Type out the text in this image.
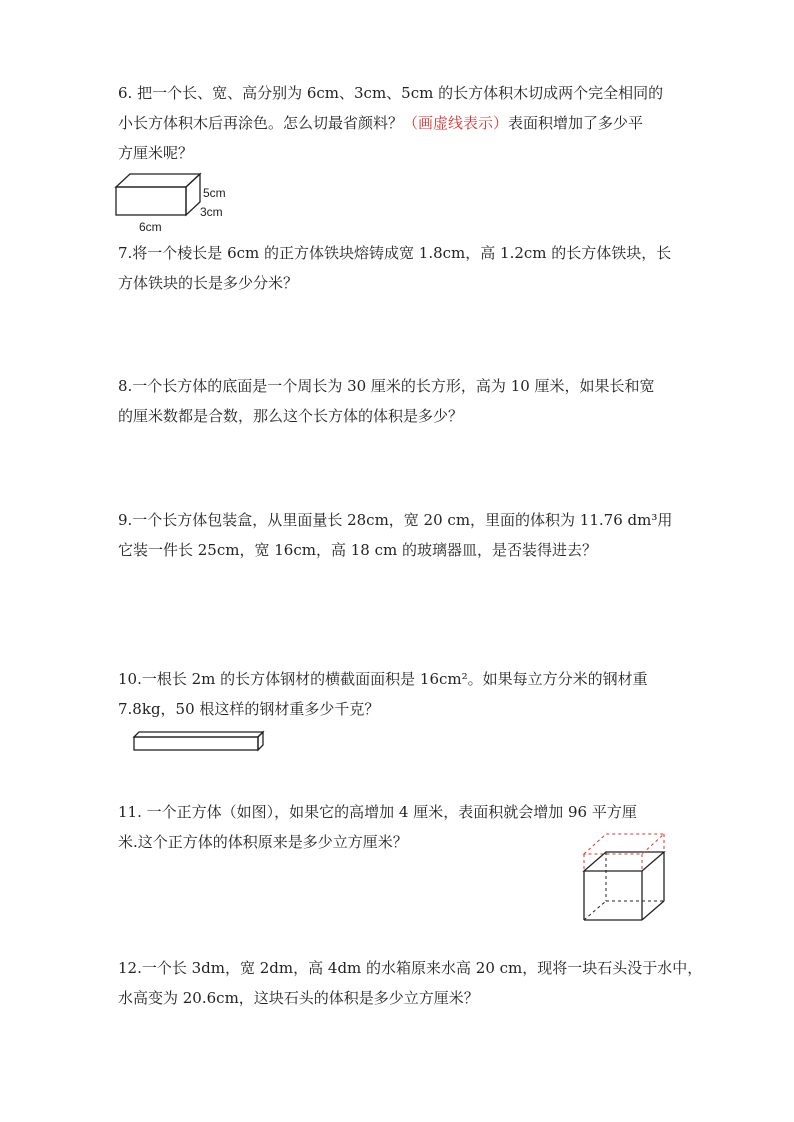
6. 把一个长、宽、高分别为 6cm、3cm、5cm 的长方体积木切成两个完全相同的

小长方体积木后再涂色。怎么切最省颜料？（画虚线表示）表面积增加了多少平

方厘米呢？

5cm
3cm
6cm

7.将一个棱长是 6cm 的正方体铁块熔铸成宽 1.8cm，高 1.2cm 的长方体铁块，长

方体铁块的长是多少分米？

8.一个长方体的底面是一个周长为 30 厘米的长方形，高为 10 厘米，如果长和宽

的厘米数都是合数，那么这个长方体的体积是多少？

9.一个长方体包装盒，从里面量长 28cm，宽 20 cm，里面的体积为 11.76 dm³用

它装一件长 25cm，宽 16cm，高 18 cm 的玻璃器皿，是否装得进去？

10.一根长 2m 的长方体钢材的横截面面积是 16cm²。如果每立方分米的钢材重

7.8kg，50 根这样的钢材重多少千克？

11. 一个正方体（如图），如果它的高增加 4 厘米，表面积就会增加 96 平方厘

米.这个正方体的体积原来是多少立方厘米？

12.一个长 3dm，宽 2dm，高 4dm 的水箱原来水高 20 cm，现将一块石头没于水中，

水高变为 20.6cm，这块石头的体积是多少立方厘米？
